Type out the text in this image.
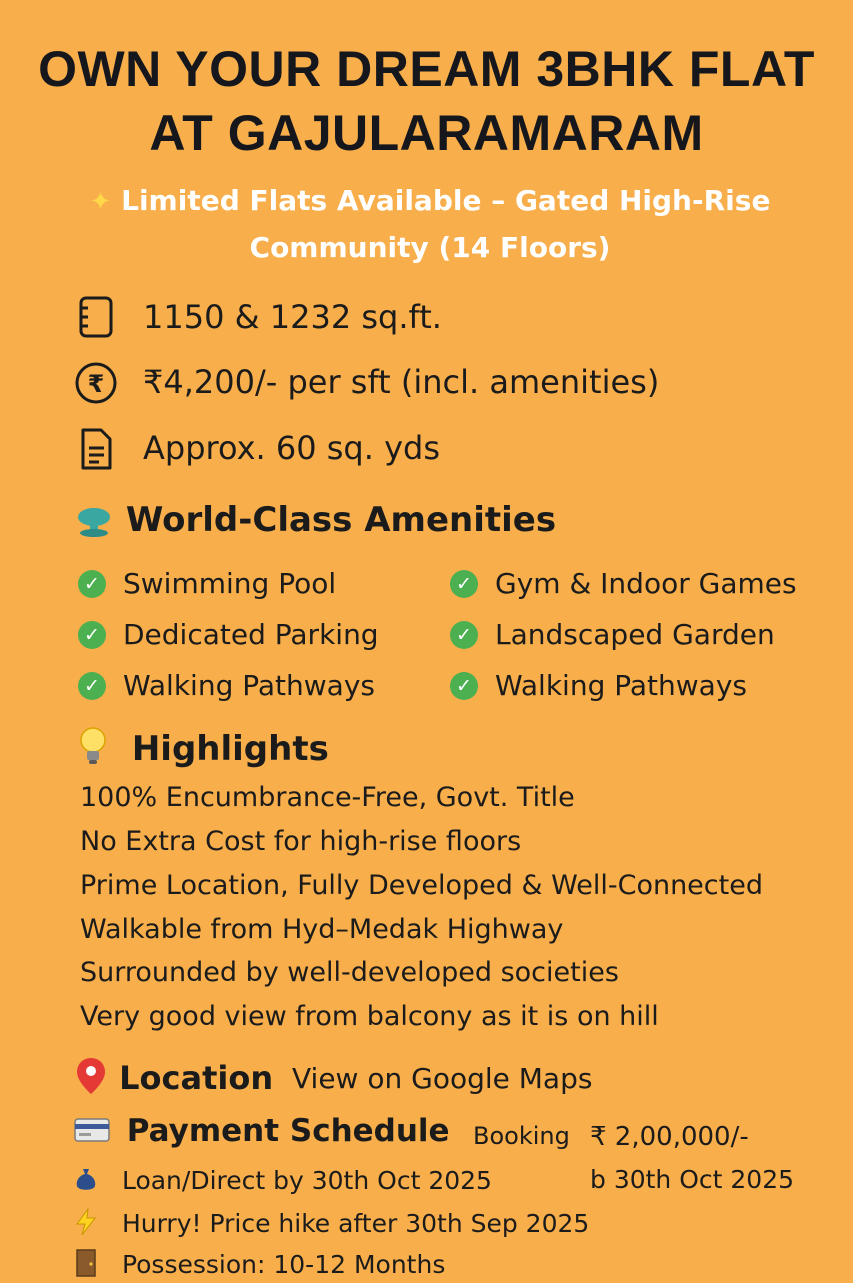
OWN YOUR DREAM 3BHK FLAT
AT GAJULARAMARAM
✦ Limited Flats Available – Gated High-Rise Community (14 Floors)
1150 & 1232 sq.ft.
₹ ₹4,200/- per sft (incl. amenities)
Approx. 60 sq. yds
World-Class Amenities
✓ Swimming Pool
✓ Dedicated Parking
✓ Walking Pathways
✓ Gym & Indoor Games
✓ Landscaped Garden
✓ Walking Pathways
Highlights
100% Encumbrance-Free, Govt. Title
No Extra Cost for high-rise floors
Prime Location, Fully Developed & Well-Connected
Walkable from Hyd–Medak Highway
Surrounded by well-developed societies
Very good view from balcony as it is on hill
Location View on Google Maps
Payment Schedule Booking ₹ 2,00,000/-
Loan/Direct by 30th Oct 2025	b 30th Oct 2025
Hurry! Price hike after 30th Sep 2025
Possession: 10-12 Months
